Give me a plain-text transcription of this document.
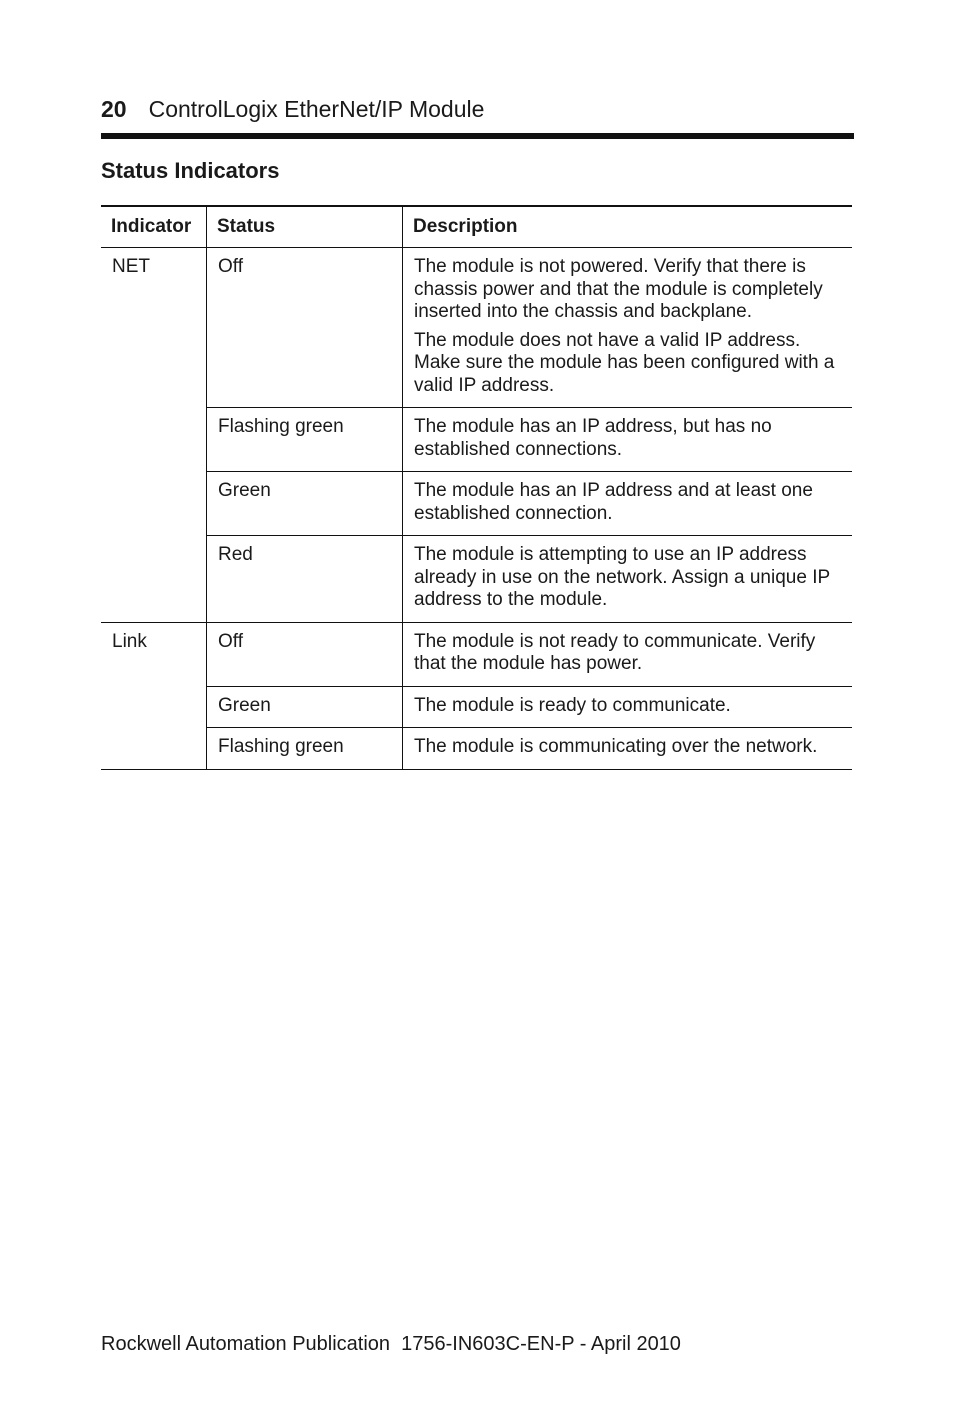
20 ControlLogix EtherNet/IP Module
Status Indicators
Indicator	Status	Description
NET	Off	The module is not powered. Verify that there is chassis power and that the module is completely inserted into the chassis and backplane.

The module does not have a valid IP address. Make sure the module has been configured with a valid IP address.

	Flashing green	The module has an IP address, but has no established connections.

	Green	The module has an IP address and at least one established connection.

	Red	The module is attempting to use an IP address already in use on the network. Assign a unique IP address to the module.

Link	Off	The module is not ready to communicate. Verify that the module has power.

	Green	The module is ready to communicate.

	Flashing green	The module is communicating over the network.

Rockwell Automation Publication  1756-IN603C-EN-P - April 2010
